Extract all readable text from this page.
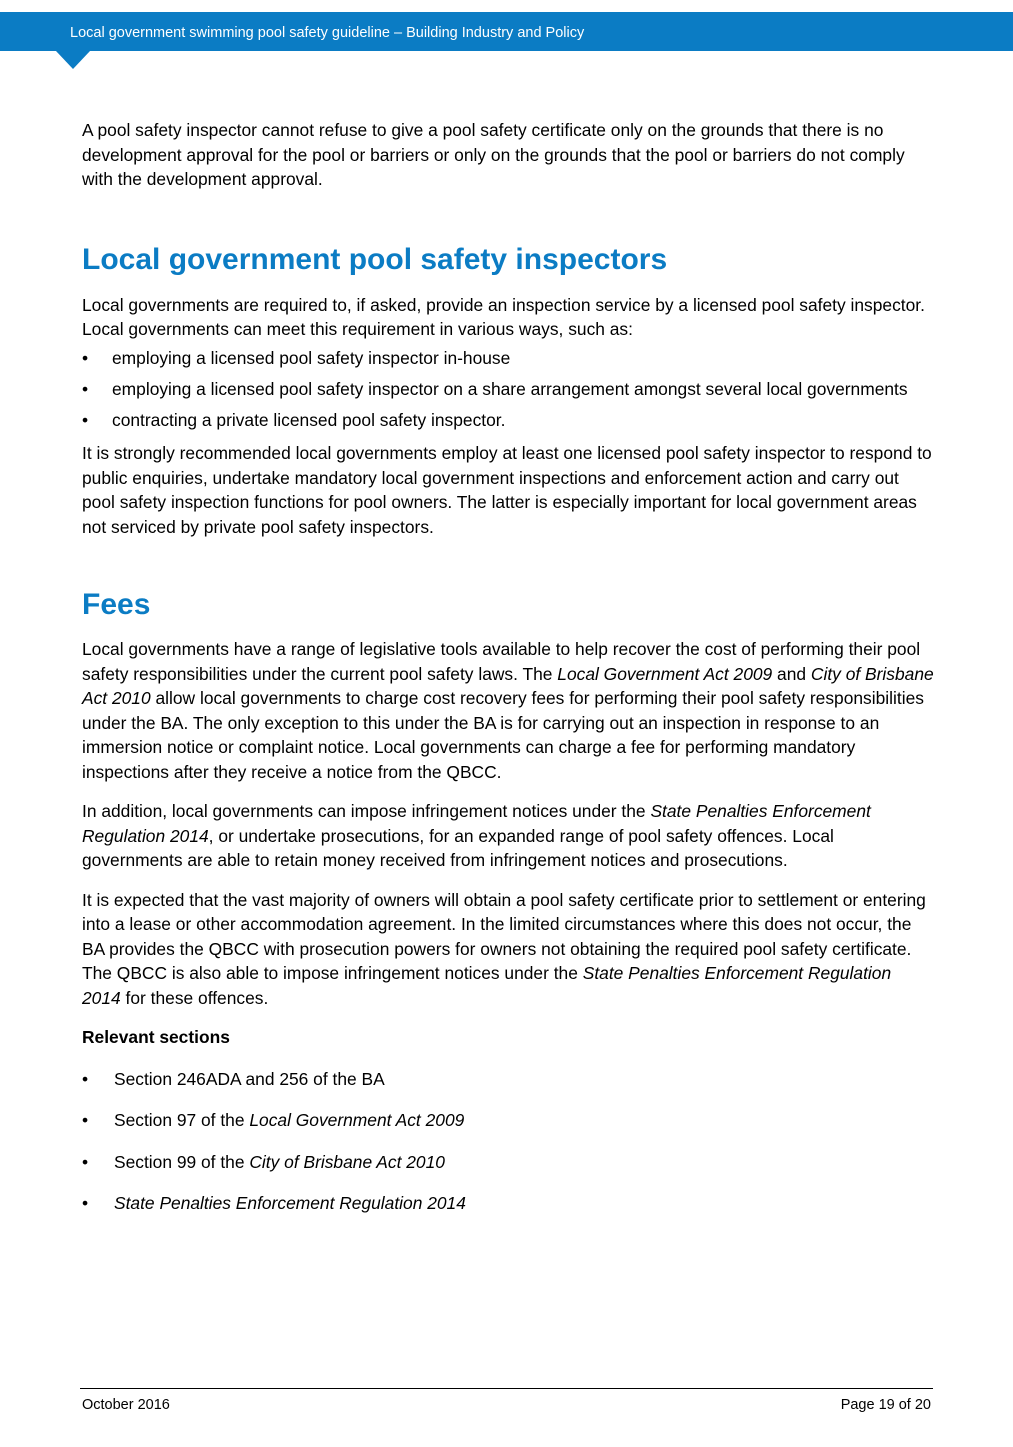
Local government swimming pool safety guideline – Building Industry and Policy

A pool safety inspector cannot refuse to give a pool safety certificate only on the grounds that there is no development approval for the pool or barriers or only on the grounds that the pool or barriers do not comply with the development approval.

Local government pool safety inspectors

Local governments are required to, if asked, provide an inspection service by a licensed pool safety inspector. Local governments can meet this requirement in various ways, such as:

• employing a licensed pool safety inspector in-house
• employing a licensed pool safety inspector on a share arrangement amongst several local governments
• contracting a private licensed pool safety inspector.

It is strongly recommended local governments employ at least one licensed pool safety inspector to respond to public enquiries, undertake mandatory local government inspections and enforcement action and carry out pool safety inspection functions for pool owners. The latter is especially important for local government areas not serviced by private pool safety inspectors.

Fees

Local governments have a range of legislative tools available to help recover the cost of performing their pool safety responsibilities under the current pool safety laws. The Local Government Act 2009 and City of Brisbane Act 2010 allow local governments to charge cost recovery fees for performing their pool safety responsibilities under the BA. The only exception to this under the BA is for carrying out an inspection in response to an immersion notice or complaint notice. Local governments can charge a fee for performing mandatory inspections after they receive a notice from the QBCC.

In addition, local governments can impose infringement notices under the State Penalties Enforcement Regulation 2014, or undertake prosecutions, for an expanded range of pool safety offences. Local governments are able to retain money received from infringement notices and prosecutions.

It is expected that the vast majority of owners will obtain a pool safety certificate prior to settlement or entering into a lease or other accommodation agreement. In the limited circumstances where this does not occur, the BA provides the QBCC with prosecution powers for owners not obtaining the required pool safety certificate. The QBCC is also able to impose infringement notices under the State Penalties Enforcement Regulation 2014 for these offences.

Relevant sections
• Section 246ADA and 256 of the BA
• Section 97 of the Local Government Act 2009
• Section 99 of the City of Brisbane Act 2010
• State Penalties Enforcement Regulation 2014
October 2016	Page 19 of 20
